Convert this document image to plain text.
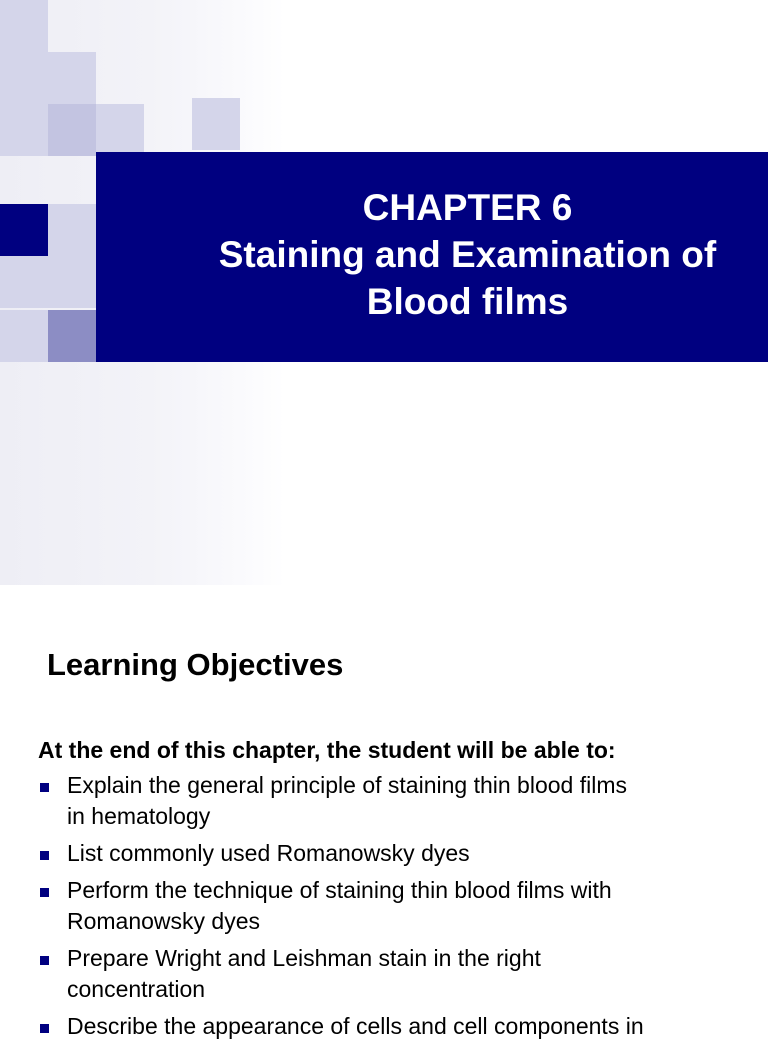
CHAPTER 6
Staining and Examination of
Blood films
Learning Objectives
At the end of this chapter, the student will be able to:
Explain the general principle of staining thin blood films
in hematology
List commonly used Romanowsky dyes
Perform the technique of staining thin blood films with
Romanowsky dyes
Prepare Wright and Leishman stain in the right
concentration
Describe the appearance of cells and cell components in
